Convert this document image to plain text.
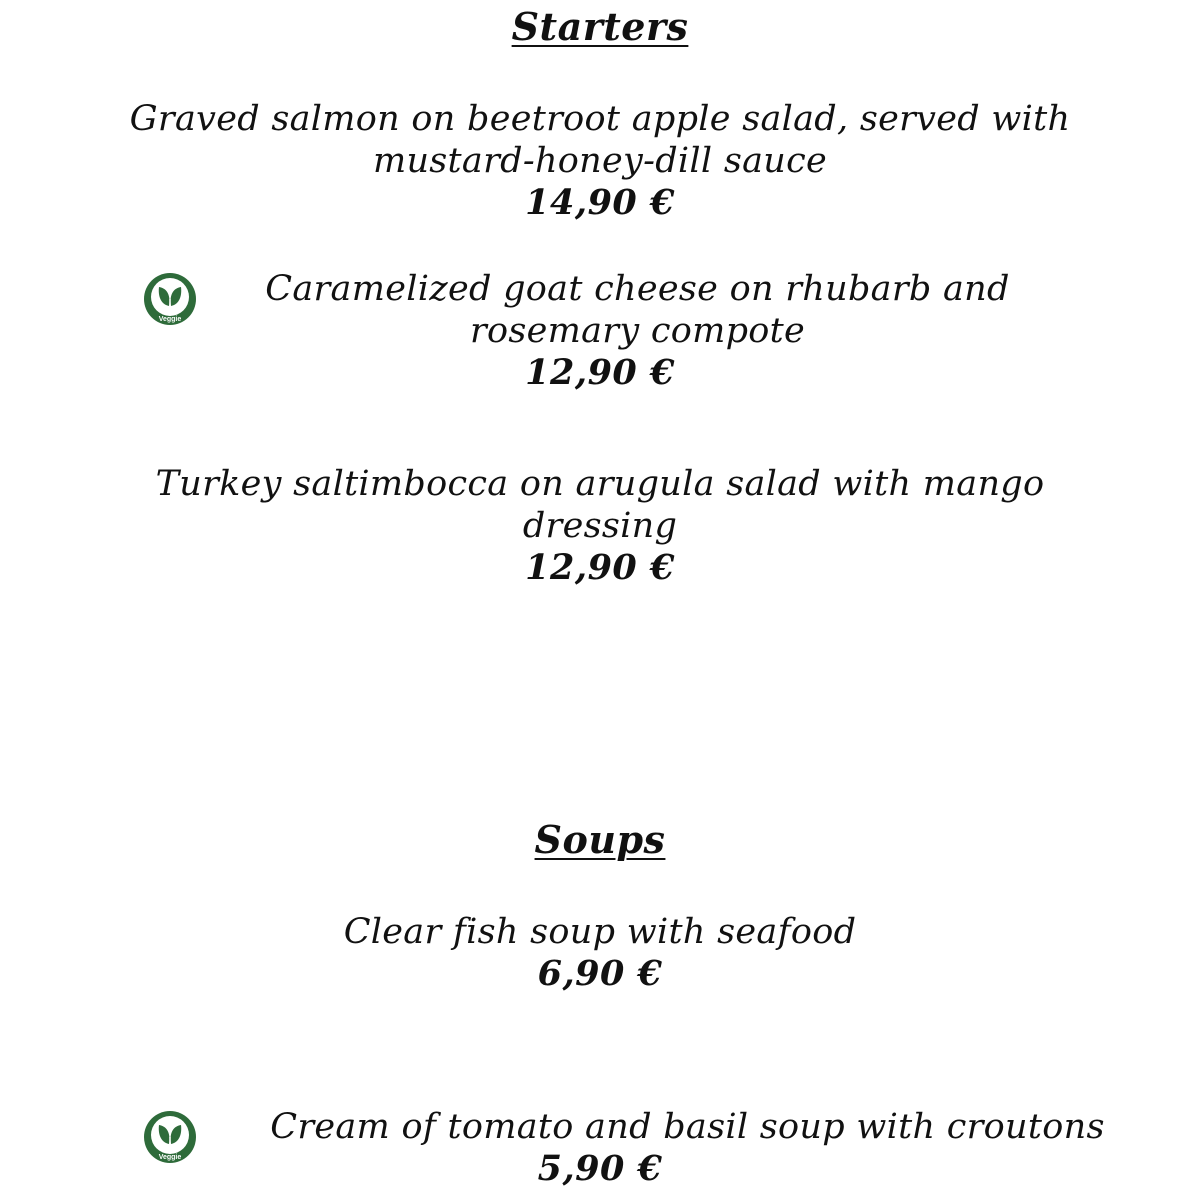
Starters

Graved salmon on beetroot apple salad, served with

mustard-honey-dill sauce

14,90 €

Veggie

Caramelized goat cheese on rhubarb and

rosemary compote

12,90 €

Turkey saltimbocca on arugula salad with mango

dressing

12,90 €

Soups

Clear fish soup with seafood

6,90 €

Veggie

Cream of tomato and basil soup with croutons

5,90 €
